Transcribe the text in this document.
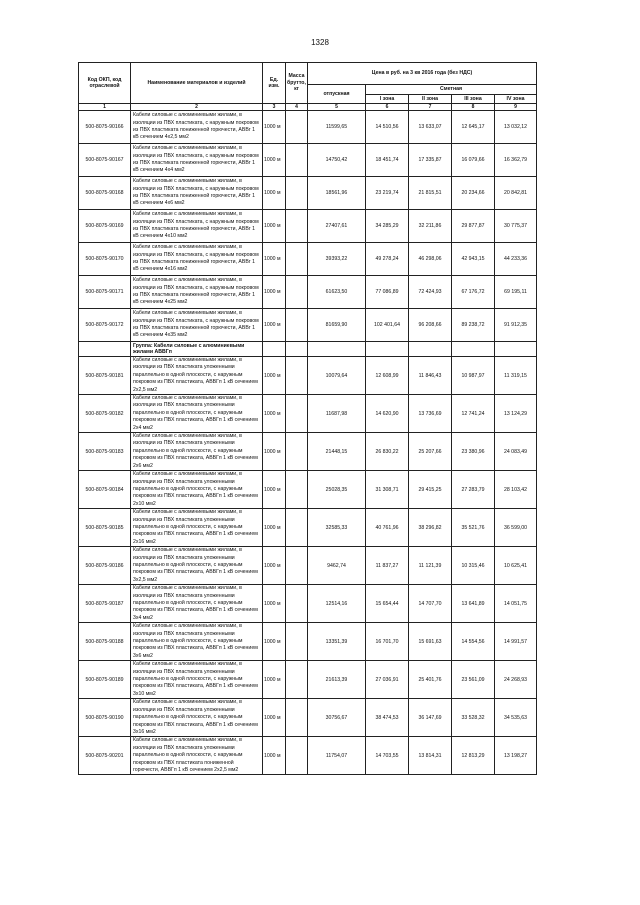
1328
Код ОКП, код отраслевой	Наименование материалов и изделий	Ед. изм.	Масса брутто, кг	Цена в руб. на 3 кв 2016 года (без НДС)				
				отпускная	Сметная			
					I зона	II зона	III зона	IV зона
1	2	3	4	5	6	7	8	9
500-8075-90166	Кабели силовые с алюминиевыми жилами, в изоляции из ПВХ пластиката, с наружным покровом из ПВХ пластиката пониженной горючести, АВВг 1 кВ сечением 4х2,5 мм2	1000 м		11599,65	14 510,56	13 633,07	12 645,17	13 032,12
500-8075-90167	Кабели силовые с алюминиевыми жилами, в изоляции из ПВХ пластиката, с наружным покровом из ПВХ пластиката пониженной горючести, АВВг 1 кВ сечением 4х4 мм2	1000 м		14750,42	18 451,74	17 335,87	16 079,66	16 362,79
500-8075-90168	Кабели силовые с алюминиевыми жилами, в изоляции из ПВХ пластиката, с наружным покровом из ПВХ пластиката пониженной горючести, АВВг 1 кВ сечением 4х6 мм2	1000 м		18561,96	23 219,74	21 815,51	20 234,66	20 842,81
500-8075-90169	Кабели силовые с алюминиевыми жилами, в изоляции из ПВХ пластиката, с наружным покровом из ПВХ пластиката пониженной горючести, АВВг 1 кВ сечением 4х10 мм2	1000 м		27407,61	34 285,29	32 211,86	29 877,87	30 775,37
500-8075-90170	Кабели силовые с алюминиевыми жилами, в изоляции из ПВХ пластиката, с наружным покровом из ПВХ пластиката пониженной горючести, АВВг 1 кВ сечением 4х16 мм2	1000 м		39393,22	49 278,24	46 298,06	42 943,15	44 233,36
500-8075-90171	Кабели силовые с алюминиевыми жилами, в изоляции из ПВХ пластиката, с наружным покровом из ПВХ пластиката пониженной горючести, АВВг 1 кВ сечением 4х25 мм2	1000 м		61623,50	77 086,89	72 424,93	67 176,72	69 195,11
500-8075-90172	Кабели силовые с алюминиевыми жилами, в изоляции из ПВХ пластиката, с наружным покровом из ПВХ пластиката пониженной горючести, АВВг 1 кВ сечением 4х35 мм2	1000 м		81659,90	102 401,64	96 208,66	89 238,72	91 912,35
	Группа: Кабели силовые с алюминиевыми жилами АВВГп							
500-8075-90181	Кабели силовые с алюминиевыми жилами, в изоляции из ПВХ пластиката уложенными параллельно в одной плоскости, с наружным покровом из ПВХ пластиката, АВВГп 1 кВ сечением 2х2,5 мм2	1000 м		10079,64	12 608,99	11 846,43	10 987,97	11 319,15
500-8075-90182	Кабели силовые с алюминиевыми жилами, в изоляции из ПВХ пластиката уложенными параллельно в одной плоскости, с наружным покровом из ПВХ пластиката, АВВГп 1 кВ сечением 2х4 мм2	1000 м		11687,98	14 620,90	13 736,69	12 741,24	13 124,29
500-8075-90183	Кабели силовые с алюминиевыми жилами, в изоляции из ПВХ пластиката уложенными параллельно в одной плоскости, с наружным покровом из ПВХ пластиката, АВВГп 1 кВ сечением 2х6 мм2	1000 м		21448,15	26 830,22	25 207,66	23 380,96	24 083,49
500-8075-90184	Кабели силовые с алюминиевыми жилами, в изоляции из ПВХ пластиката уложенными параллельно в одной плоскости, с наружным покровом из ПВХ пластиката, АВВГп 1 кВ сечением 2х10 мм2	1000 м		25028,35	31 308,71	29 415,25	27 283,79	28 103,42
500-8075-90185	Кабели силовые с алюминиевыми жилами, в изоляции из ПВХ пластиката уложенными параллельно в одной плоскости, с наружным покровом из ПВХ пластиката, АВВГп 1 кВ сечением 2х16 мм2	1000 м		32585,33	40 761,96	38 296,82	35 521,76	36 599,00
500-8075-90186	Кабели силовые с алюминиевыми жилами, в изоляции из ПВХ пластиката уложенными параллельно в одной плоскости, с наружным покровом из ПВХ пластиката, АВВГп 1 кВ сечением 3х2,5 мм2	1000 м		9462,74	11 837,27	11 121,39	10 315,46	10 625,41
500-8075-90187	Кабели силовые с алюминиевыми жилами, в изоляции из ПВХ пластиката уложенными параллельно в одной плоскости, с наружным покровом из ПВХ пластиката, АВВГп 1 кВ сечением 3х4 мм2	1000 м		12514,16	15 654,44	14 707,70	13 641,89	14 051,75
500-8075-90188	Кабели силовые с алюминиевыми жилами, в изоляции из ПВХ пластиката уложенными параллельно в одной плоскости, с наружным покровом из ПВХ пластиката, АВВГп 1 кВ сечением 3х6 мм2	1000 м		13351,39	16 701,70	15 691,63	14 554,56	14 991,57
500-8075-90189	Кабели силовые с алюминиевыми жилами, в изоляции из ПВХ пластиката уложенными параллельно в одной плоскости, с наружным покровом из ПВХ пластиката, АВВГп 1 кВ сечением 3х10 мм2	1000 м		21613,39	27 036,91	25 401,76	23 561,09	24 268,93
500-8075-90190	Кабели силовые с алюминиевыми жилами, в изоляции из ПВХ пластиката уложенными параллельно в одной плоскости, с наружным покровом из ПВХ пластиката, АВВГп 1 кВ сечением 3х16 мм2	1000 м		30756,67	38 474,53	36 147,69	33 528,32	34 535,63
500-8075-90201	Кабели силовые с алюминиевыми жилами, в изоляции из ПВХ пластиката уложенными параллельно в одной плоскости, с наружным покровом из ПВХ пластиката пониженной горючести, АВВГп 1 кВ сечением 2х2,5 мм2	1000 м		11754,07	14 703,55	13 814,31	12 813,29	13 198,27
